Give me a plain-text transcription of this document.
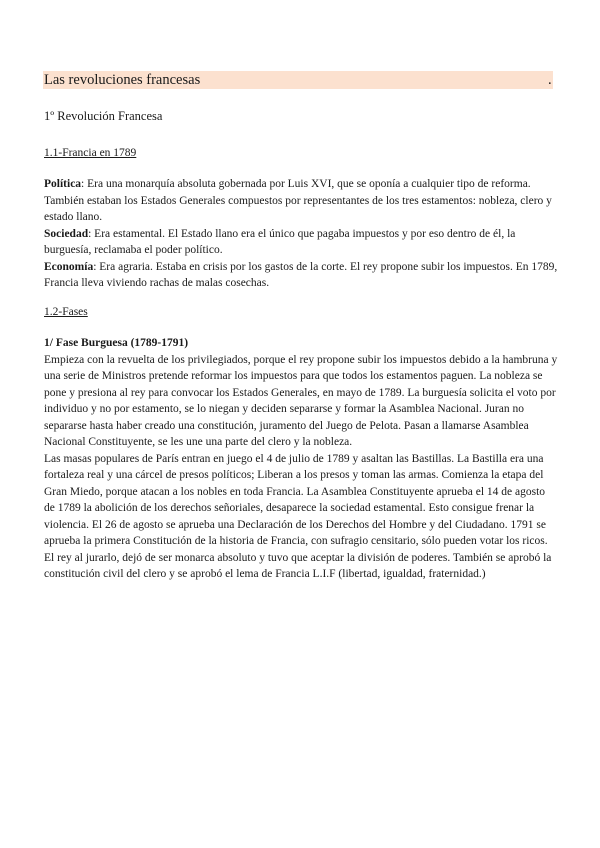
Las revoluciones francesas	.
1º Revolución Francesa
1.1-Francia en 1789

Política: Era una monarquía absoluta gobernada por Luis XVI, que se oponía a cualquier tipo de reforma. También estaban los Estados Generales compuestos por representantes de los tres estamentos: nobleza, clero y estado llano.

Sociedad: Era estamental. El Estado llano era el único que pagaba impuestos y por eso dentro de él, la burguesía, reclamaba el poder político.

Economía: Era agraria. Estaba en crisis por los gastos de la corte. El rey propone subir los impuestos. En 1789, Francia lleva viviendo rachas de malas cosechas.

1.2-Fases

1/ Fase Burguesa (1789-1791)

Empieza con la revuelta de los privilegiados, porque el rey propone subir los impuestos debido a la hambruna y una serie de Ministros pretende reformar los impuestos para que todos los estamentos paguen. La nobleza se pone y presiona al rey para convocar los Estados Generales, en mayo de 1789. La burguesía solicita el voto por individuo y no por estamento, se lo niegan y deciden separarse y formar la Asamblea Nacional. Juran no separarse hasta haber creado una constitución, juramento del Juego de Pelota. Pasan a llamarse Asamblea Nacional Constituyente, se les une una parte del clero y la nobleza.

Las masas populares de París entran en juego el 4 de julio de 1789 y asaltan las Bastillas. La Bastilla era una fortaleza real y una cárcel de presos políticos; Liberan a los presos y toman las armas. Comienza la etapa del Gran Miedo, porque atacan a los nobles en toda Francia. La Asamblea Constituyente aprueba el 14 de agosto de 1789 la abolición de los derechos señoriales, desaparece la sociedad estamental. Esto consigue frenar la violencia. El 26 de agosto se aprueba una Declaración de los Derechos del Hombre y del Ciudadano. 1791 se aprueba la primera Constitución de la historia de Francia, con sufragio censitario, sólo pueden votar los ricos. El rey al jurarlo, dejó de ser monarca absoluto y tuvo que aceptar la división de poderes. También se aprobó la constitución civil del clero y se aprobó el lema de Francia L.I.F (libertad, igualdad, fraternidad.)
